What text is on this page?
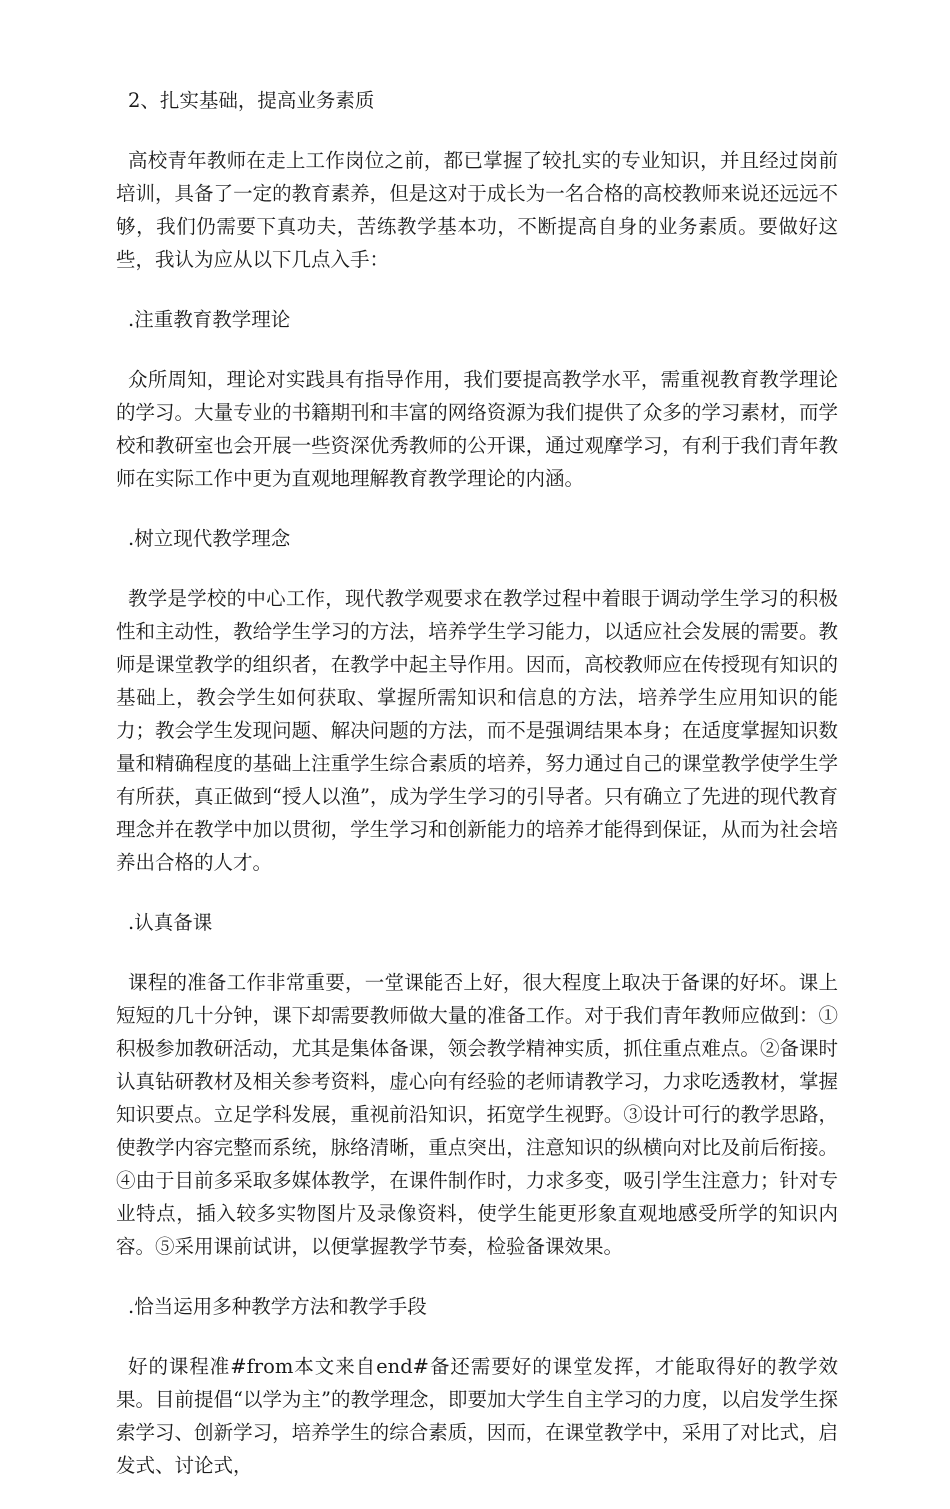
2、扎实基础，提高业务素质

高校青年教师在走上工作岗位之前，都已掌握了较扎实的专业知识，并且经过岗前培训，具备了一定的教育素养，但是这对于成长为一名合格的高校教师来说还远远不够，我们仍需要下真功夫，苦练教学基本功，不断提高自身的业务素质。要做好这些，我认为应从以下几点入手：

.注重教育教学理论

众所周知，理论对实践具有指导作用，我们要提高教学水平，需重视教育教学理论的学习。大量专业的书籍期刊和丰富的网络资源为我们提供了众多的学习素材，而学校和教研室也会开展一些资深优秀教师的公开课，通过观摩学习，有利于我们青年教师在实际工作中更为直观地理解教育教学理论的内涵。

.树立现代教学理念

教学是学校的中心工作，现代教学观要求在教学过程中着眼于调动学生学习的积极性和主动性，教给学生学习的方法，培养学生学习能力，以适应社会发展的需要。教师是课堂教学的组织者，在教学中起主导作用。因而，高校教师应在传授现有知识的基础上，教会学生如何获取、掌握所需知识和信息的方法，培养学生应用知识的能力；教会学生发现问题、解决问题的方法，而不是强调结果本身；在适度掌握知识数量和精确程度的基础上注重学生综合素质的培养，努力通过自己的课堂教学使学生学有所获，真正做到“授人以渔”，成为学生学习的引导者。只有确立了先进的现代教育理念并在教学中加以贯彻，学生学习和创新能力的培养才能得到保证，从而为社会培养出合格的人才。

.认真备课

课程的准备工作非常重要，一堂课能否上好，很大程度上取决于备课的好坏。课上短短的几十分钟，课下却需要教师做大量的准备工作。对于我们青年教师应做到：①积极参加教研活动，尤其是集体备课，领会教学精神实质，抓住重点难点。②备课时认真钻研教材及相关参考资料，虚心向有经验的老师请教学习，力求吃透教材，掌握知识要点。立足学科发展，重视前沿知识，拓宽学生视野。③设计可行的教学思路，使教学内容完整而系统，脉络清晰，重点突出，注意知识的纵横向对比及前后衔接。④由于目前多采取多媒体教学，在课件制作时，力求多变，吸引学生注意力；针对专业特点，插入较多实物图片及录像资料，使学生能更形象直观地感受所学的知识内容。⑤采用课前试讲，以便掌握教学节奏，检验备课效果。

.恰当运用多种教学方法和教学手段

好的课程准#from本文来自end#备还需要好的课堂发挥，才能取得好的教学效果。目前提倡“以学为主”的教学理念，即要加大学生自主学习的力度，以启发学生探索学习、创新学习，培养学生的综合素质，因而，在课堂教学中，采用了对比式，启发式、讨论式，
